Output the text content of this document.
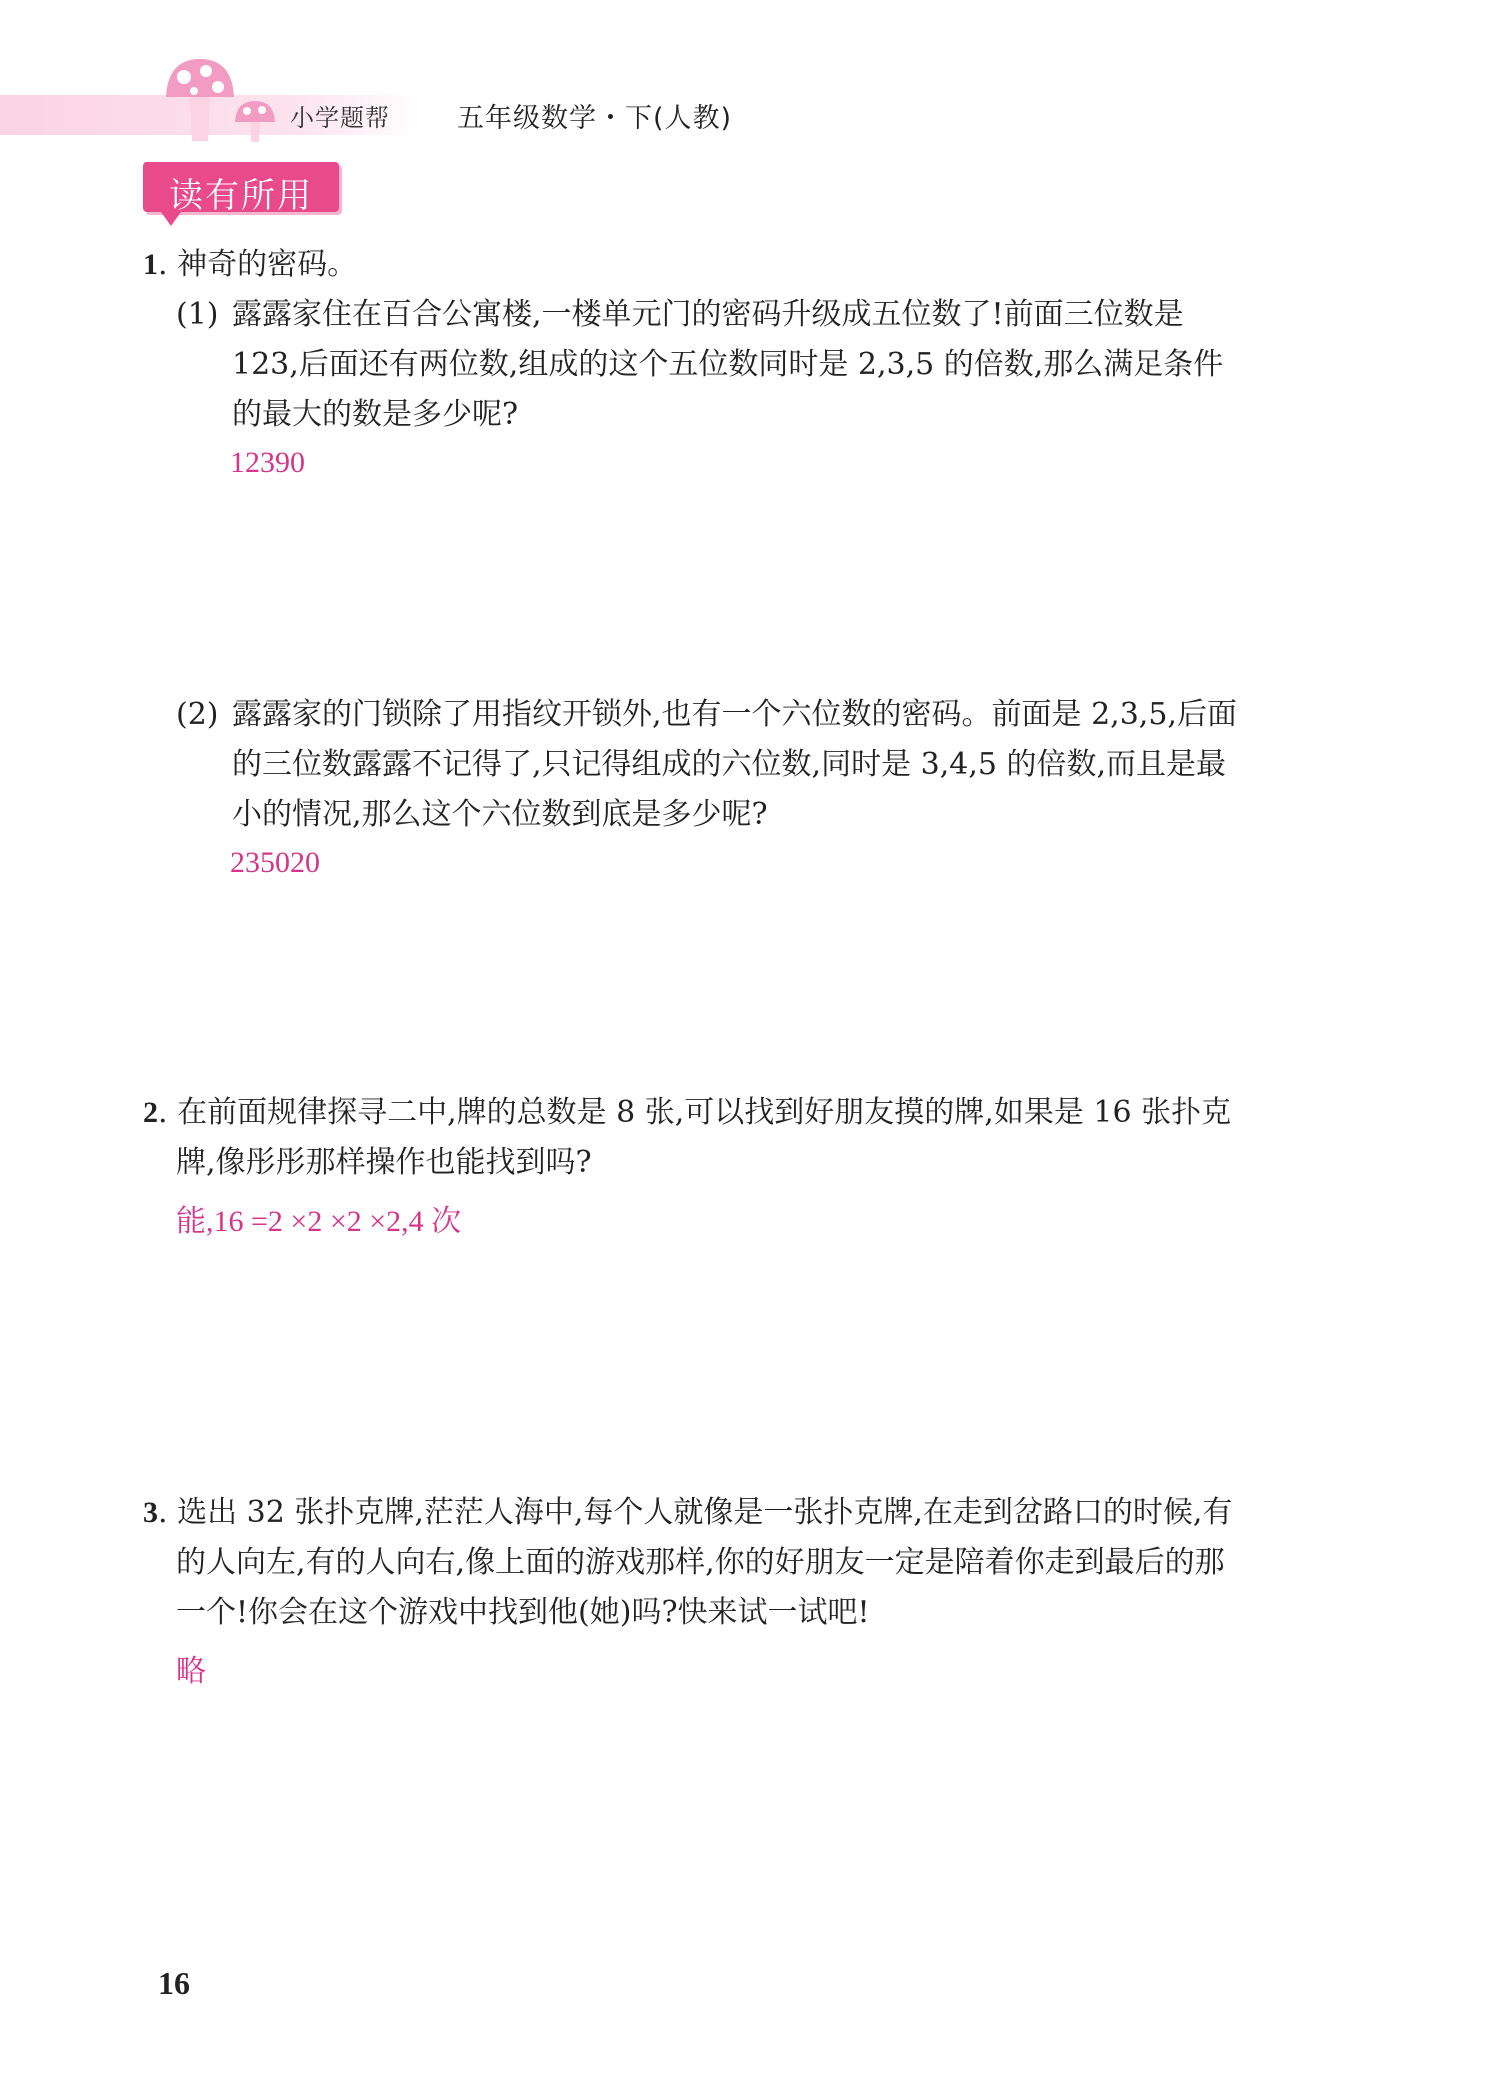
小学题帮 五年级数学・下(人教)
读有所用
1. 神奇的密码。
(1) 露露家住在百合公寓楼,一楼单元门的密码升级成五位数了!前面三位数是
123,后面还有两位数,组成的这个五位数同时是 2,3,5 的倍数,那么满足条件
的最大的数是多少呢?
12390
(2) 露露家的门锁除了用指纹开锁外,也有一个六位数的密码。前面是 2,3,5,后面
的三位数露露不记得了,只记得组成的六位数,同时是 3,4,5 的倍数,而且是最
小的情况,那么这个六位数到底是多少呢?
235020
2. 在前面规律探寻二中,牌的总数是 8 张,可以找到好朋友摸的牌,如果是 16 张扑克
牌,像彤彤那样操作也能找到吗?
能,16 =2 ×2 ×2 ×2,4 次
3. 选出 32 张扑克牌,茫茫人海中,每个人就像是一张扑克牌,在走到岔路口的时候,有
的人向左,有的人向右,像上面的游戏那样,你的好朋友一定是陪着你走到最后的那
一个!你会在这个游戏中找到他(她)吗?快来试一试吧!
略
16
